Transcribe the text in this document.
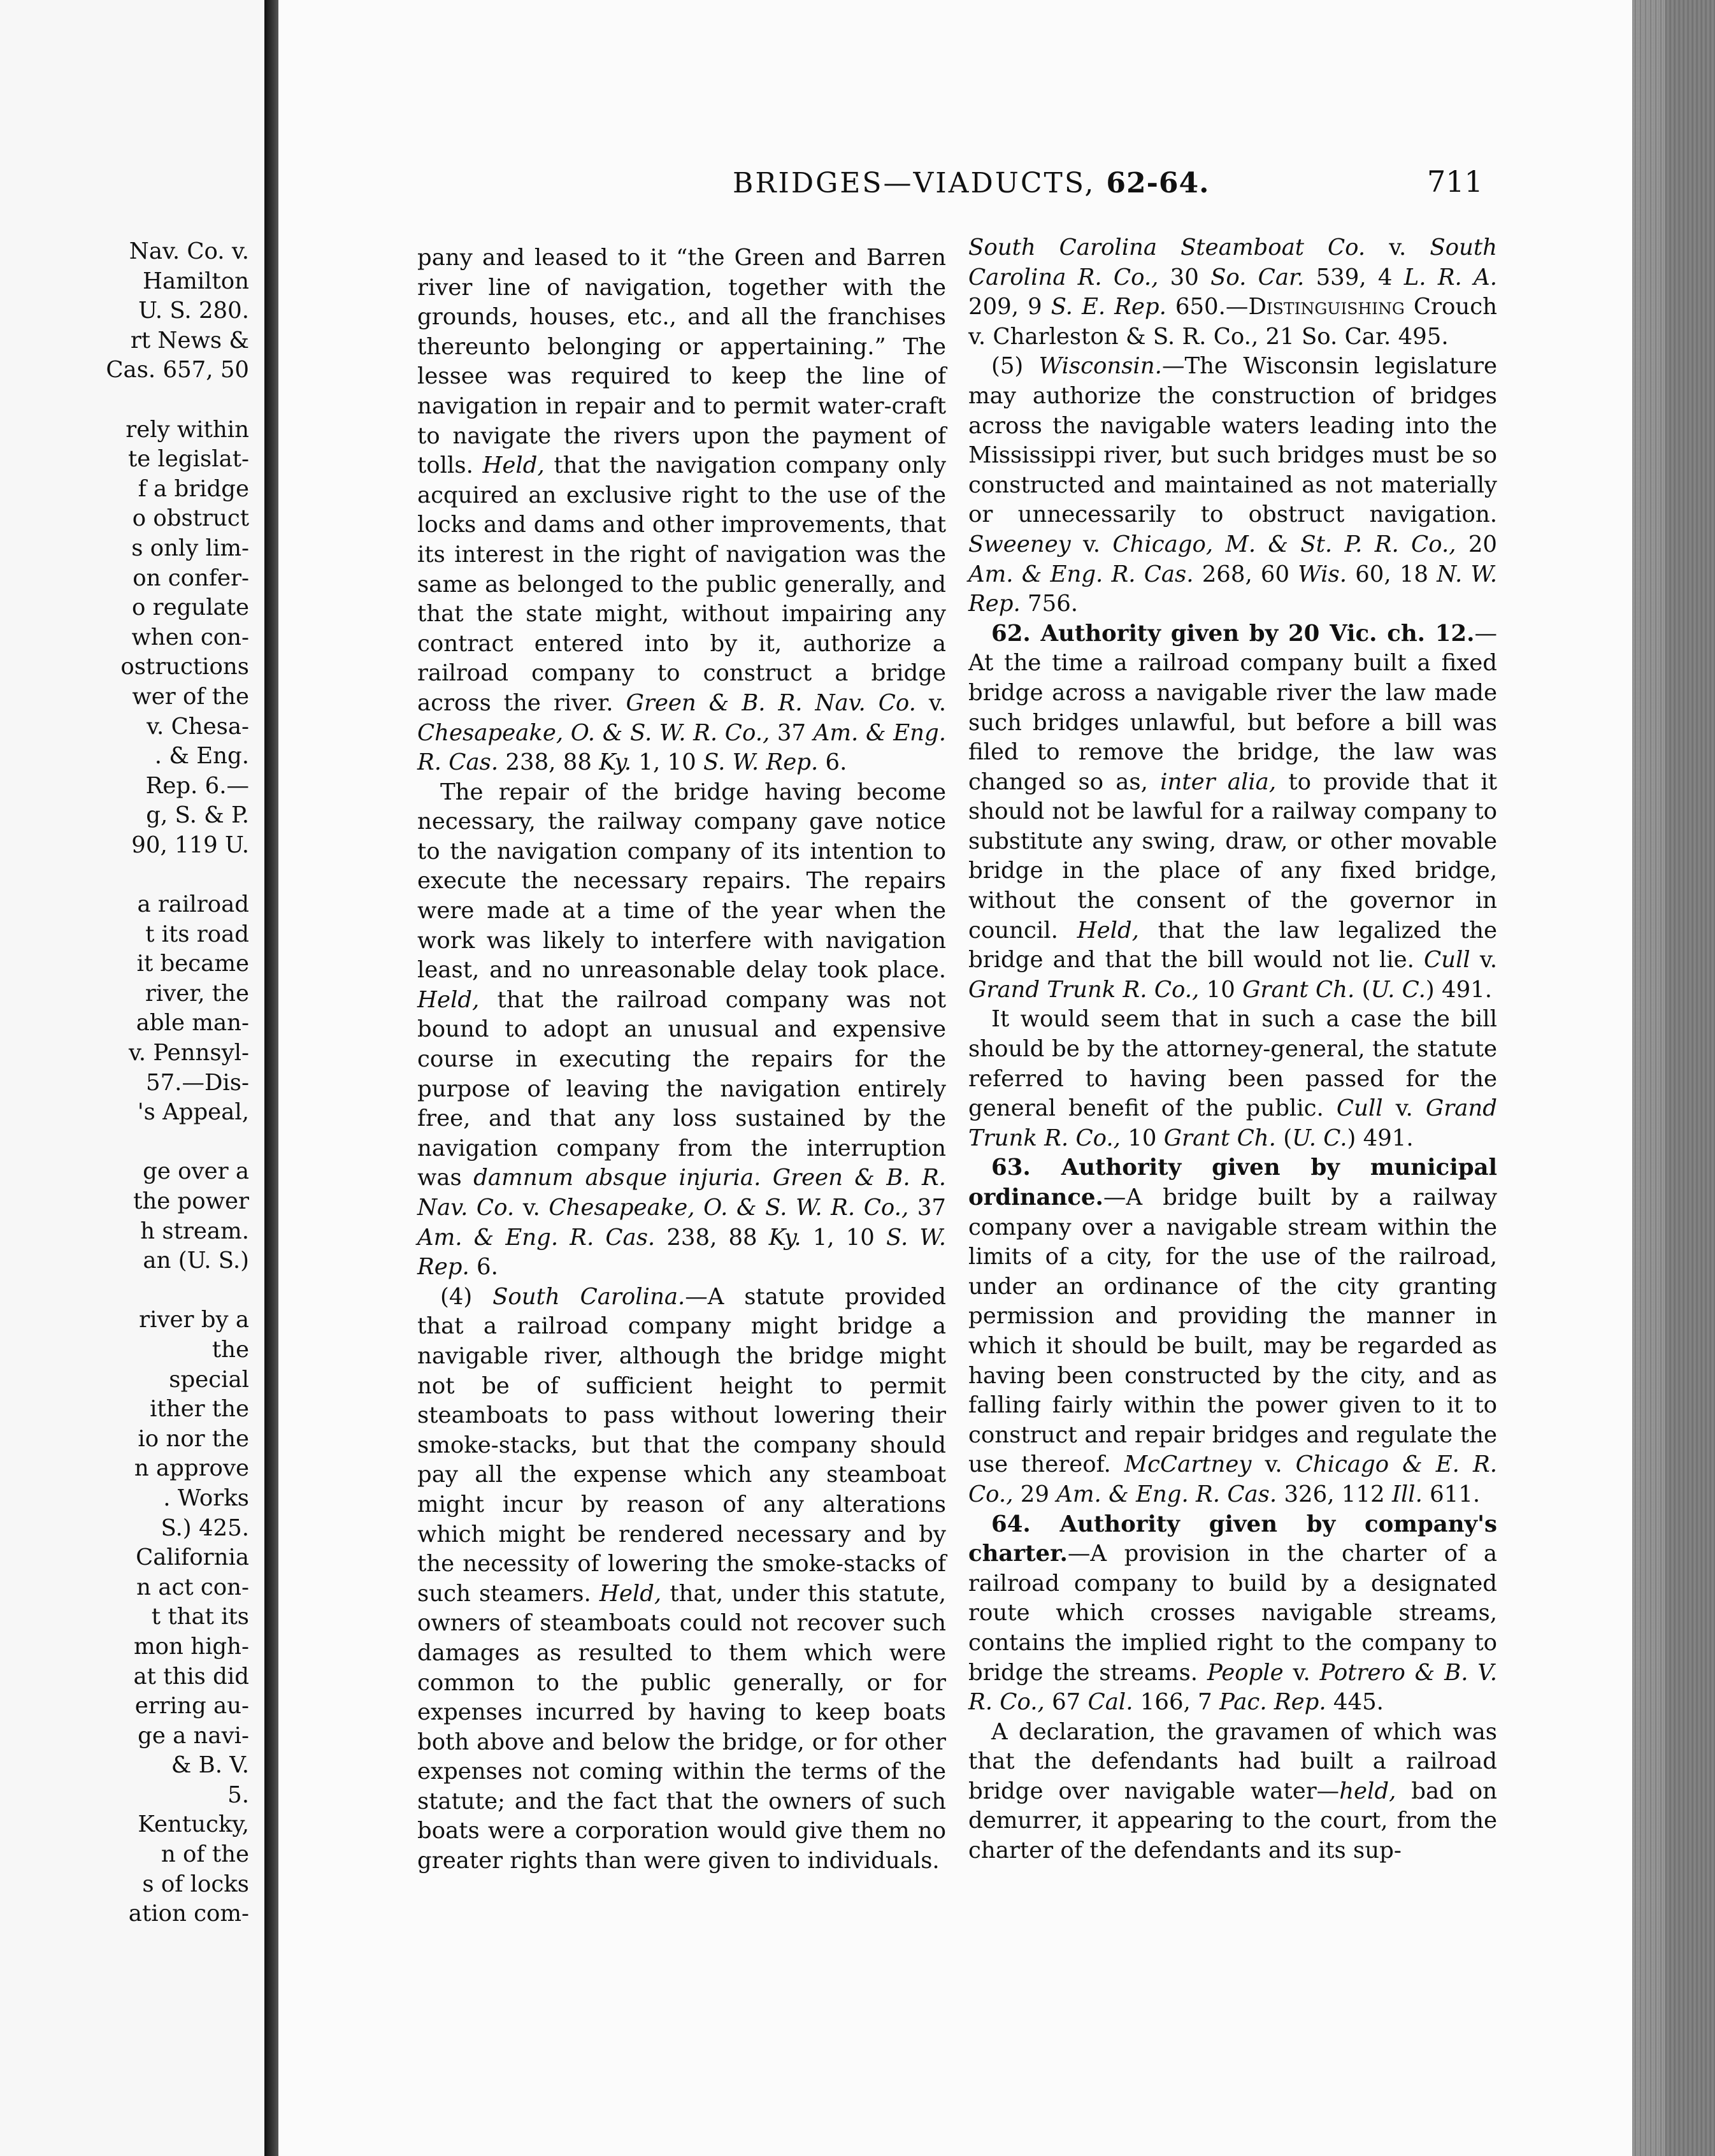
Nav. Co. v.
Hamilton
U. S. 280.
rt News &
Cas. 657, 50
rely within
te legislat-
f a bridge
o obstruct
s only lim-
on confer-
o regulate
when con-
ostructions
wer of the
v. Chesa-
. & Eng.
Rep. 6.—
g, S. & P.
90, 119 U.
a railroad
t its road
it became
river, the
able man-
v. Pennsyl-
57.—Dis-
's Appeal,
ge over a
the power
h stream.
an (U. S.)
river by a
the
special
ither the
io nor the
n approve
. Works
S.) 425.
California
n act con-
t that its
mon high-
at this did
erring au-
ge a navi-
& B. V.
5.
Kentucky,
n of the
s of locks
ation com-
BRIDGES—VIADUCTS, 62-64.	711

pany and leased to it “the Green and Barren river line of navigation, together with the grounds, houses, etc., and all the franchises thereunto belonging or appertaining.” The lessee was required to keep the line of navigation in repair and to permit water-craft to navigate the rivers upon the payment of tolls. Held, that the navigation company only acquired an exclusive right to the use of the locks and dams and other improvements, that its interest in the right of navigation was the same as belonged to the public generally, and that the state might, without impairing any contract entered into by it, authorize a railroad company to construct a bridge across the river. Green & B. R. Nav. Co. v. Chesapeake, O. & S. W. R. Co., 37 Am. & Eng. R. Cas. 238, 88 Ky. 1, 10 S. W. Rep. 6.

The repair of the bridge having become necessary, the railway company gave notice to the navigation company of its intention to execute the necessary repairs. The repairs were made at a time of the year when the work was likely to interfere with navigation least, and no unreasonable delay took place. Held, that the railroad company was not bound to adopt an unusual and expensive course in executing the repairs for the purpose of leaving the navigation entirely free, and that any loss sustained by the navigation company from the interruption was damnum absque injuria. Green & B. R. Nav. Co. v. Chesapeake, O. & S. W. R. Co., 37 Am. & Eng. R. Cas. 238, 88 Ky. 1, 10 S. W. Rep. 6.

(4) South Carolina.—A statute provided that a railroad company might bridge a navigable river, although the bridge might not be of sufficient height to permit steamboats to pass without lowering their smoke-stacks, but that the company should pay all the expense which any steamboat might incur by reason of any alterations which might be rendered necessary and by the necessity of lowering the smoke-stacks of such steamers. Held, that, under this statute, owners of steamboats could not recover such damages as resulted to them which were common to the public generally, or for expenses incurred by having to keep boats both above and below the bridge, or for other expenses not coming within the terms of the statute; and the fact that the owners of such boats were a corporation would give them no greater rights than were given to individuals.

South Carolina Steamboat Co. v. South Carolina R. Co., 30 So. Car. 539, 4 L. R. A. 209, 9 S. E. Rep. 650.—Distinguishing Crouch v. Charleston & S. R. Co., 21 So. Car. 495.

(5) Wisconsin.—The Wisconsin legislature may authorize the construction of bridges across the navigable waters leading into the Mississippi river, but such bridges must be so constructed and maintained as not materially or unnecessarily to obstruct navigation. Sweeney v. Chicago, M. & St. P. R. Co., 20 Am. & Eng. R. Cas. 268, 60 Wis. 60, 18 N. W. Rep. 756.

62. Authority given by 20 Vic. ch. 12.—At the time a railroad company built a fixed bridge across a navigable river the law made such bridges unlawful, but before a bill was filed to remove the bridge, the law was changed so as, inter alia, to provide that it should not be lawful for a railway company to substitute any swing, draw, or other movable bridge in the place of any fixed bridge, without the consent of the governor in council. Held, that the law legalized the bridge and that the bill would not lie. Cull v. Grand Trunk R. Co., 10 Grant Ch. (U. C.) 491.

It would seem that in such a case the bill should be by the attorney-general, the statute referred to having been passed for the general benefit of the public. Cull v. Grand Trunk R. Co., 10 Grant Ch. (U. C.) 491.

63. Authority given by municipal ordinance.—A bridge built by a railway company over a navigable stream within the limits of a city, for the use of the railroad, under an ordinance of the city granting permission and providing the manner in which it should be built, may be regarded as having been constructed by the city, and as falling fairly within the power given to it to construct and repair bridges and regulate the use thereof. McCartney v. Chicago & E. R. Co., 29 Am. & Eng. R. Cas. 326, 112 Ill. 611.

64. Authority given by company's charter.—A provision in the charter of a railroad company to build by a designated route which crosses navigable streams, contains the implied right to the company to bridge the streams. People v. Potrero & B. V. R. Co., 67 Cal. 166, 7 Pac. Rep. 445.

A declaration, the gravamen of which was that the defendants had built a railroad bridge over navigable water—held, bad on demurrer, it appearing to the court, from the charter of the defendants and its sup-
